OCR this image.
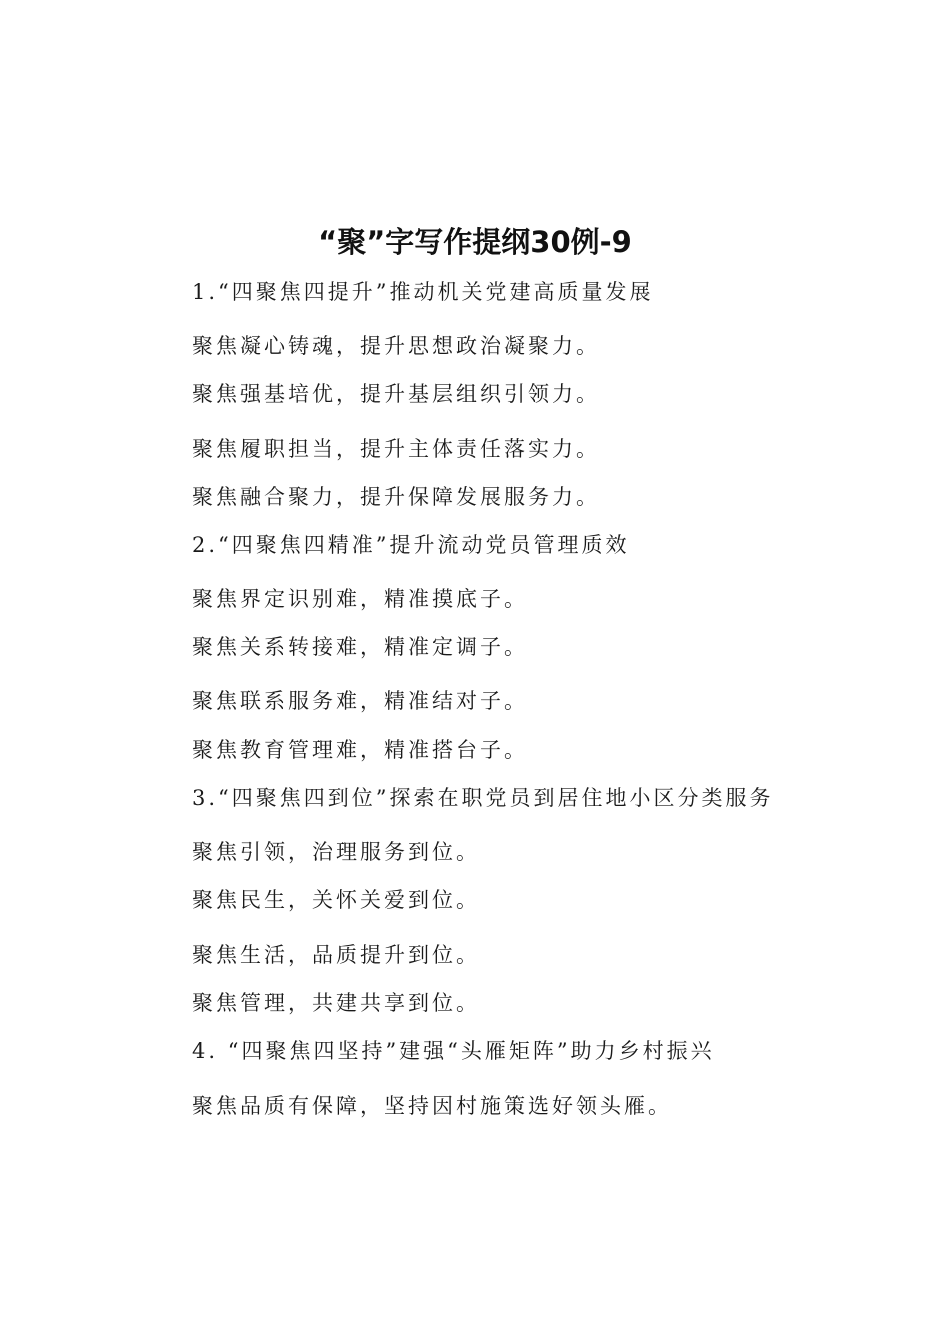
“聚”字写作提纲30例-9
1.“四聚焦四提升”推动机关党建高质量发展
聚焦凝心铸魂，提升思想政治凝聚力。
聚焦强基培优，提升基层组织引领力。
聚焦履职担当，提升主体责任落实力。
聚焦融合聚力，提升保障发展服务力。
2.“四聚焦四精准”提升流动党员管理质效
聚焦界定识别难，精准摸底子。
聚焦关系转接难，精准定调子。
聚焦联系服务难，精准结对子。
聚焦教育管理难，精准搭台子。
3.“四聚焦四到位”探索在职党员到居住地小区分类服务
聚焦引领，治理服务到位。
聚焦民生，关怀关爱到位。
聚焦生活，品质提升到位。
聚焦管理，共建共享到位。
4. “四聚焦四坚持”建强“头雁矩阵”助力乡村振兴
聚焦品质有保障，坚持因村施策选好领头雁。
